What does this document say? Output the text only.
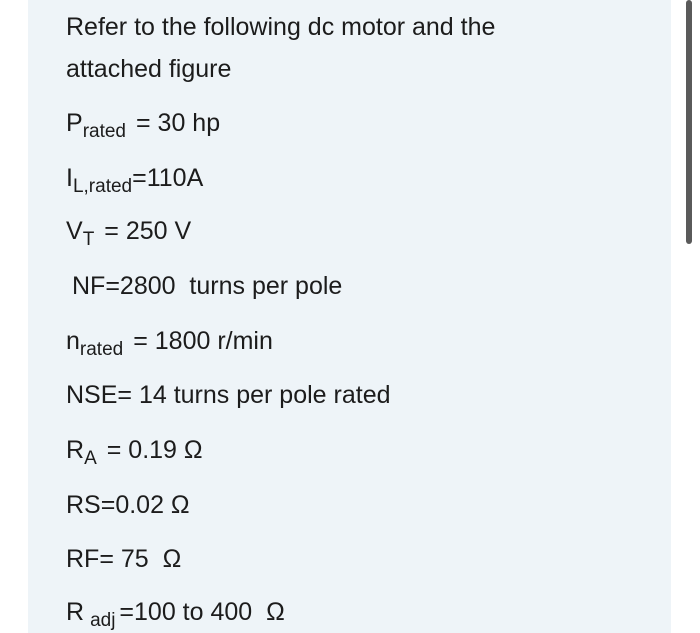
Refer to the following dc motor and the
attached figure
$P_{rated} = 30$ hp
$I_{L,rated}=110A$
$V_T = 250$ V
NF=2800  turns per pole
$n_{rated} = 1800$ r/min
NSE= 14 turns per pole rated
$R_A = 0.19$ Ω
RS=0.02 Ω
RF= 75  Ω
R $_{adj}$ =100 to 400  Ω
